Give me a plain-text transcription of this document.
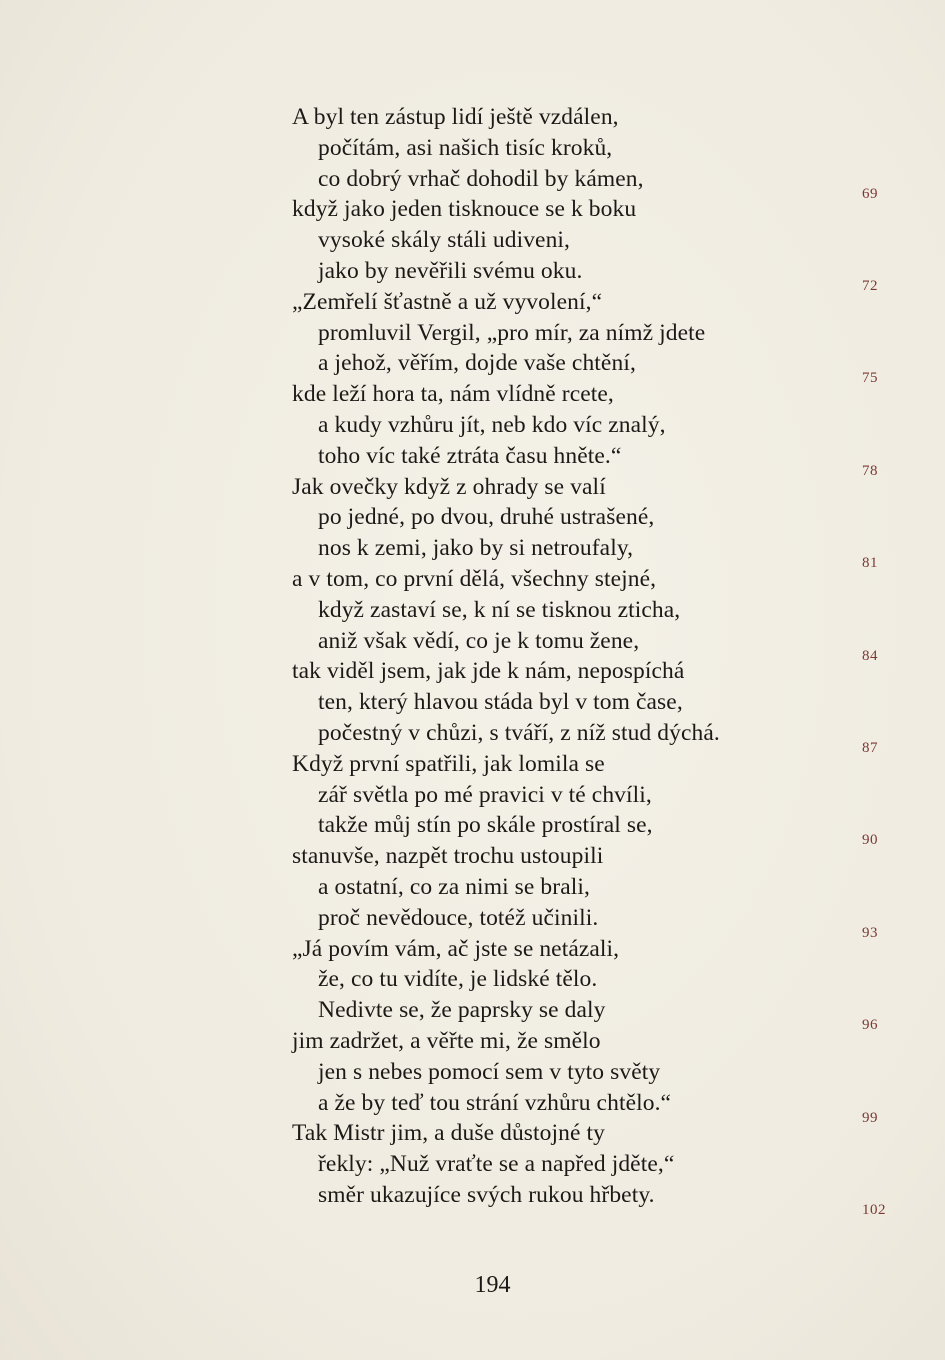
A byl ten zástup lidí ještě vzdálen,
počítám, asi našich tisíc kroků,
co dobrý vrhač dohodil by kámen,
když jako jeden tisknouce se k boku
vysoké skály stáli udiveni,
jako by nevěřili svému oku.
„Zemřelí šťastně a už vyvolení,“
promluvil Vergil, „pro mír, za nímž jdete
a jehož, věřím, dojde vaše chtění,
kde leží hora ta, nám vlídně rcete,
a kudy vzhůru jít, neb kdo víc znalý,
toho víc také ztráta času hněte.“
Jak ovečky když z ohrady se valí
po jedné, po dvou, druhé ustrašené,
nos k zemi, jako by si netroufaly,
a v tom, co první dělá, všechny stejné,
když zastaví se, k ní se tisknou zticha,
aniž však vědí, co je k tomu žene,
tak viděl jsem, jak jde k nám, nepospíchá
ten, který hlavou stáda byl v tom čase,
počestný v chůzi, s tváří, z níž stud dýchá.
Když první spatřili, jak lomila se
zář světla po mé pravici v té chvíli,
takže můj stín po skále prostíral se,
stanuvše, nazpět trochu ustoupili
a ostatní, co za nimi se brali,
proč nevědouce, totéž učinili.
„Já povím vám, ač jste se netázali,
že, co tu vidíte, je lidské tělo.
Nedivte se, že paprsky se daly
jim zadržet, a věřte mi, že smělo
jen s nebes pomocí sem v tyto světy
a že by teď tou strání vzhůru chtělo.“
Tak Mistr jim, a duše důstojné ty
řekly: „Nuž vraťte se a napřed jděte,“
směr ukazujíce svých rukou hřbety.
69
72
75
78
81
84
87
90
93
96
99
102
194
